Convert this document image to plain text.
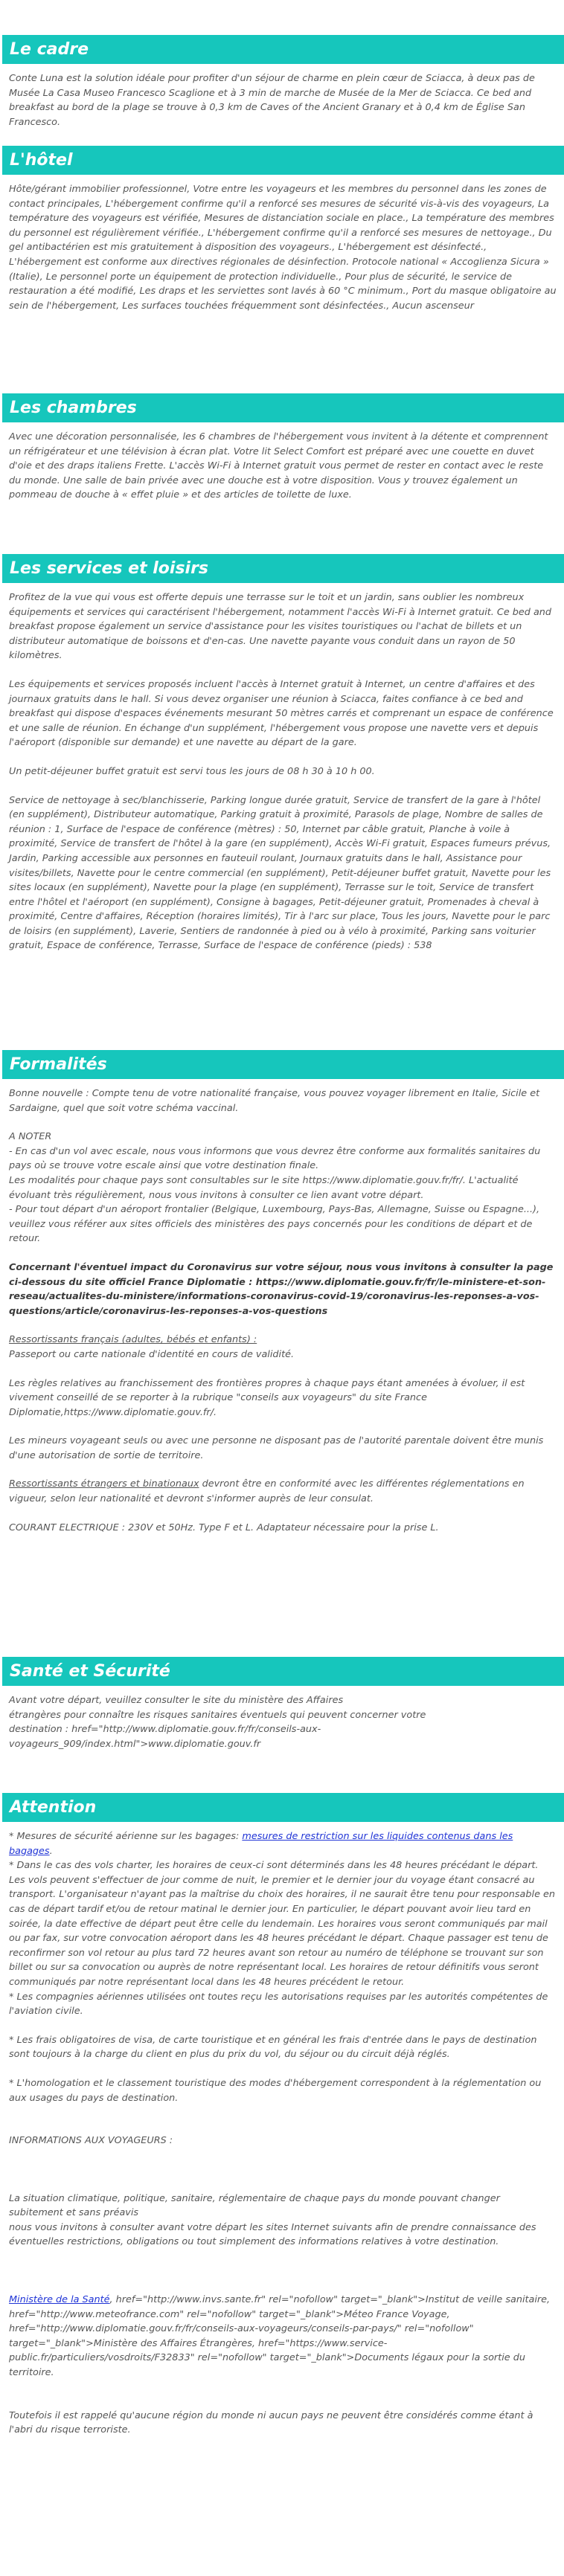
Le cadre

Conte Luna est la solution idéale pour profiter d'un séjour de charme en plein cœur de Sciacca, à deux pas de Musée La Casa Museo Francesco Scaglione et à 3 min de marche de Musée de la Mer de Sciacca. Ce bed and breakfast au bord de la plage se trouve à 0,3 km de Caves of the Ancient Granary et à 0,4 km de Église San Francesco.

L'hôtel

Hôte/gérant immobilier professionnel, Votre entre les voyageurs et les membres du personnel dans les zones de contact principales, L'hébergement confirme qu'il a renforcé ses mesures de sécurité vis-à-vis des voyageurs, La température des voyageurs est vérifiée, Mesures de distanciation sociale en place., La température des membres du personnel est régulièrement vérifiée., L'hébergement confirme qu'il a renforcé ses mesures de nettoyage., Du gel antibactérien est mis gratuitement à disposition des voyageurs., L'hébergement est désinfecté., L'hébergement est conforme aux directives régionales de désinfection. Protocole national « Accoglienza Sicura » (Italie), Le personnel porte un équipement de protection individuelle., Pour plus de sécurité, le service de restauration a été modifié, Les draps et les serviettes sont lavés à 60 °C minimum., Port du masque obligatoire au sein de l'hébergement, Les surfaces touchées fréquemment sont désinfectées., Aucun ascenseur

Les chambres

Avec une décoration personnalisée, les 6 chambres de l'hébergement vous invitent à la détente et comprennent un réfrigérateur et une télévision à écran plat. Votre lit Select Comfort est préparé avec une couette en duvet d'oie et des draps italiens Frette. L'accès Wi-Fi à Internet gratuit vous permet de rester en contact avec le reste du monde. Une salle de bain privée avec une douche est à votre disposition. Vous y trouvez également un pommeau de douche à « effet pluie » et des articles de toilette de luxe.

Les services et loisirs

Profitez de la vue qui vous est offerte depuis une terrasse sur le toit et un jardin, sans oublier les nombreux équipements et services qui caractérisent l'hébergement, notamment l'accès Wi-Fi à Internet gratuit. Ce bed and breakfast propose également un service d'assistance pour les visites touristiques ou l'achat de billets et un distributeur automatique de boissons et d'en-cas. Une navette payante vous conduit dans un rayon de 50 kilomètres.

Les équipements et services proposés incluent l'accès à Internet gratuit à Internet, un centre d'affaires et des journaux gratuits dans le hall. Si vous devez organiser une réunion à Sciacca, faites confiance à ce bed and breakfast qui dispose d'espaces événements mesurant 50 mètres carrés et comprenant un espace de conférence et une salle de réunion. En échange d'un supplément, l'hébergement vous propose une navette vers et depuis l'aéroport (disponible sur demande) et une navette au départ de la gare.

Un petit-déjeuner buffet gratuit est servi tous les jours de 08 h 30 à 10 h 00.

Service de nettoyage à sec/blanchisserie, Parking longue durée gratuit, Service de transfert de la gare à l'hôtel (en supplément), Distributeur automatique, Parking gratuit à proximité, Parasols de plage, Nombre de salles de réunion : 1, Surface de l'espace de conférence (mètres) : 50, Internet par câble gratuit, Planche à voile à proximité, Service de transfert de l'hôtel à la gare (en supplément), Accès Wi-Fi gratuit, Espaces fumeurs prévus, Jardin, Parking accessible aux personnes en fauteuil roulant, Journaux gratuits dans le hall, Assistance pour visites/billets, Navette pour le centre commercial (en supplément), Petit-déjeuner buffet gratuit, Navette pour les sites locaux (en supplément), Navette pour la plage (en supplément), Terrasse sur le toit, Service de transfert entre l'hôtel et l'aéroport (en supplément), Consigne à bagages, Petit-déjeuner gratuit, Promenades à cheval à proximité, Centre d'affaires, Réception (horaires limités), Tir à l'arc sur place, Tous les jours, Navette pour le parc de loisirs (en supplément), Laverie, Sentiers de randonnée à pied ou à vélo à proximité, Parking sans voiturier gratuit, Espace de conférence, Terrasse, Surface de l'espace de conférence (pieds) : 538

Formalités

Bonne nouvelle : Compte tenu de votre nationalité française, vous pouvez voyager librement en Italie, Sicile et Sardaigne, quel que soit votre schéma vaccinal.

A NOTER
- En cas d'un vol avec escale, nous vous informons que vous devrez être conforme aux formalités sanitaires du pays où se trouve votre escale ainsi que votre destination finale.
Les modalités pour chaque pays sont consultables sur le site https://www.diplomatie.gouv.fr/fr/. L'actualité évoluant très régulièrement, nous vous invitons à consulter ce lien avant votre départ.
- Pour tout départ d'un aéroport frontalier (Belgique, Luxembourg, Pays-Bas, Allemagne, Suisse ou Espagne...), veuillez vous référer aux sites officiels des ministères des pays concernés pour les conditions de départ et de retour.

Concernant l'éventuel impact du Coronavirus sur votre séjour, nous vous invitons à consulter la page ci-dessous du site officiel France Diplomatie : https://www.diplomatie.gouv.fr/fr/le-ministere-et-son-reseau/actualites-du-ministere/informations-coronavirus-covid-19/coronavirus-les-reponses-a-vos-questions/article/coronavirus-les-reponses-a-vos-questions

Ressortissants français (adultes, bébés et enfants) :
Passeport ou carte nationale d'identité en cours de validité.

Les règles relatives au franchissement des frontières propres à chaque pays étant amenées à évoluer, il est vivement conseillé de se reporter à la rubrique "conseils aux voyageurs" du site France Diplomatie,https://www.diplomatie.gouv.fr/.

Les mineurs voyageant seuls ou avec une personne ne disposant pas de l'autorité parentale doivent être munis d'une autorisation de sortie de territoire.

Ressortissants étrangers et binationaux devront être en conformité avec les différentes réglementations en vigueur, selon leur nationalité et devront s'informer auprès de leur consulat.

COURANT ELECTRIQUE : 230V et 50Hz. Type F et L. Adaptateur nécessaire pour la prise L.

Santé et Sécurité

Avant votre départ, veuillez consulter le site du ministère des Affaires
étrangères pour connaître les risques sanitaires éventuels qui peuvent concerner votre
destination : href="http://www.diplomatie.gouv.fr/fr/conseils-aux-voyageurs_909/index.html">www.diplomatie.gouv.fr

Attention

* Mesures de sécurité aérienne sur les bagages: mesures de restriction sur les liquides contenus dans les bagages.

* Dans le cas des vols charter, les horaires de ceux-ci sont déterminés dans les 48 heures précédant le départ. Les vols peuvent s'effectuer de jour comme de nuit, le premier et le dernier jour du voyage étant consacré au transport. L'organisateur n'ayant pas la maîtrise du choix des horaires, il ne saurait être tenu pour responsable en cas de départ tardif et/ou de retour matinal le dernier jour. En particulier, le départ pouvant avoir lieu tard en soirée, la date effective de départ peut être celle du lendemain. Les horaires vous seront communiqués par mail ou par fax, sur votre convocation aéroport dans les 48 heures précédant le départ. Chaque passager est tenu de reconfirmer son vol retour au plus tard 72 heures avant son retour au numéro de téléphone se trouvant sur son billet ou sur sa convocation ou auprès de notre représentant local. Les horaires de retour définitifs vous seront communiqués par notre représentant local dans les 48 heures précédent le retour.

* Les compagnies aériennes utilisées ont toutes reçu les autorisations requises par les autorités compétentes de l'aviation civile.

* Les frais obligatoires de visa, de carte touristique et en général les frais d'entrée dans le pays de destination sont toujours à la charge du client en plus du prix du vol, du séjour ou du circuit déjà réglés.

* L'homologation et le classement touristique des modes d'hébergement correspondent à la réglementation ou aux usages du pays de destination.

INFORMATIONS AUX VOYAGEURS :

La situation climatique, politique, sanitaire, réglementaire de chaque pays du monde pouvant changer subitement et sans préavis
nous vous invitons à consulter avant votre départ les sites Internet suivants afin de prendre connaissance des éventuelles restrictions, obligations ou tout simplement des informations relatives à votre destination.

Ministère de la Santé, href="http://www.invs.sante.fr" rel="nofollow" target="_blank">Institut de veille sanitaire, href="http://www.meteofrance.com" rel="nofollow" target="_blank">Méteo France Voyage, href="http://www.diplomatie.gouv.fr/fr/conseils-aux-voyageurs/conseils-par-pays/" rel="nofollow" target="_blank">Ministère des Affaires Étrangères, href="https://www.service-public.fr/particuliers/vosdroits/F32833" rel="nofollow" target="_blank">Documents légaux pour la sortie du territoire.

Toutefois il est rappelé qu'aucune région du monde ni aucun pays ne peuvent être considérés comme étant à l'abri du risque terroriste.
